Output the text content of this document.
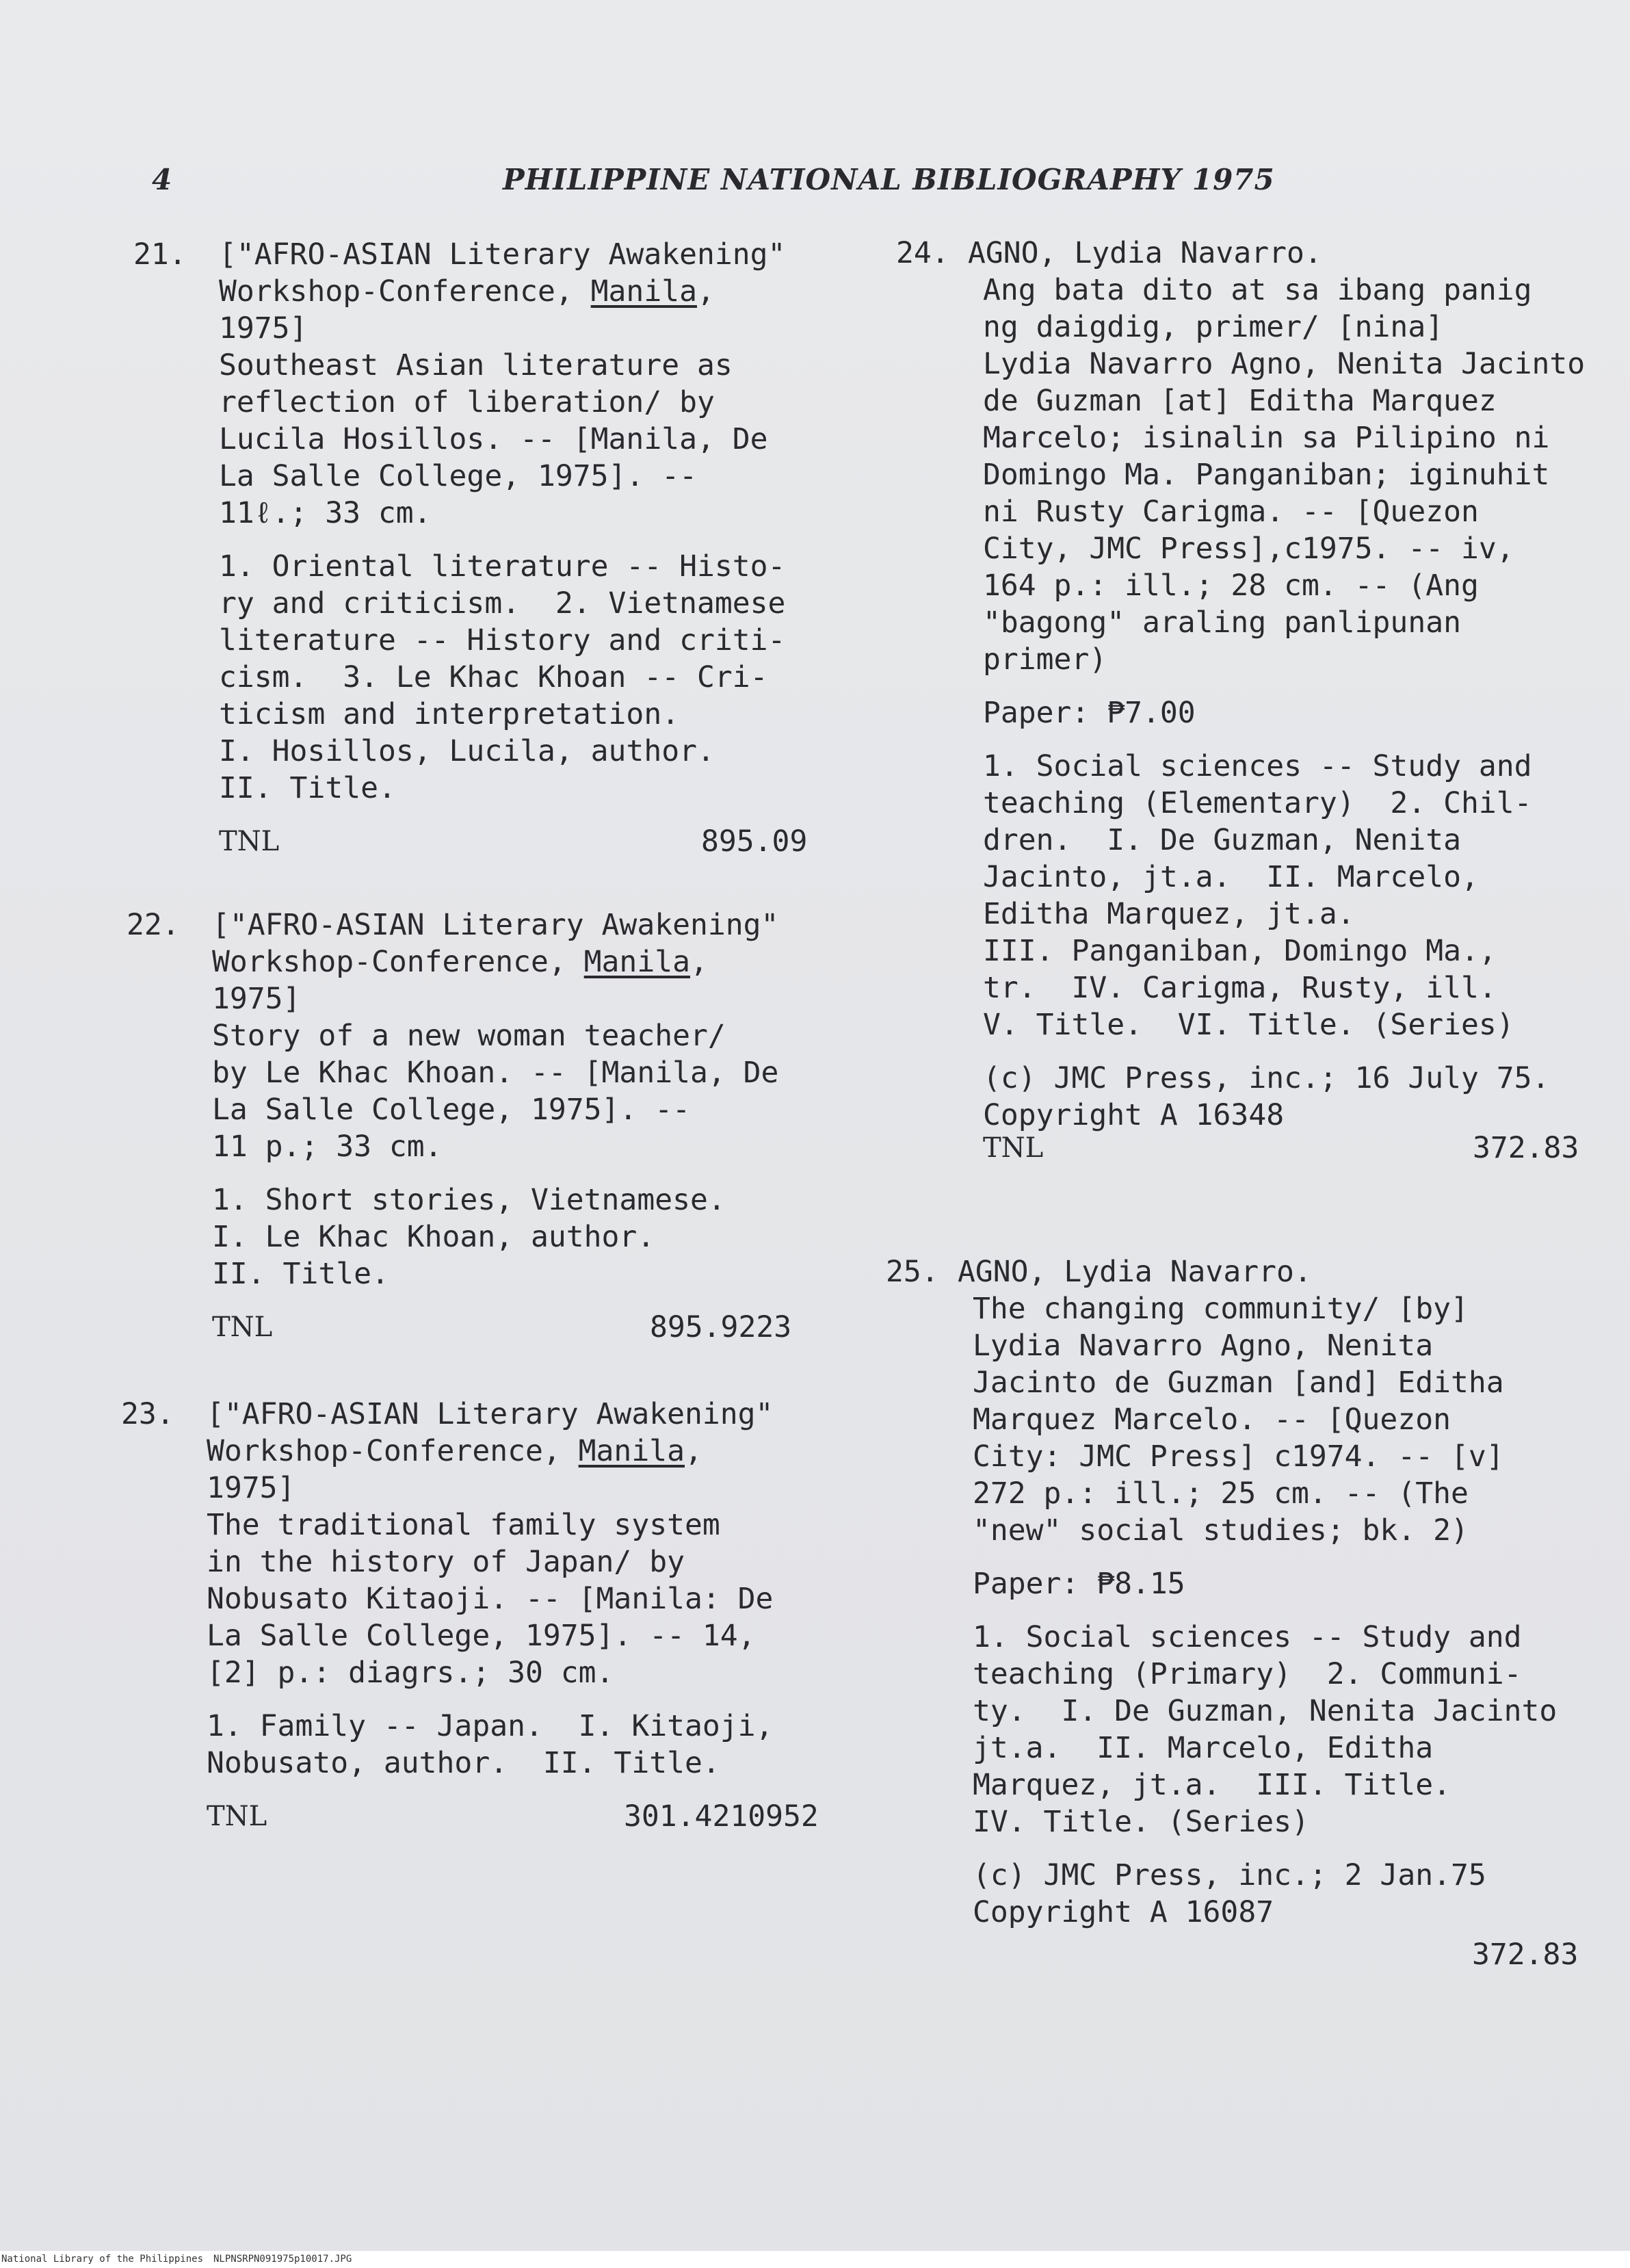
4	PHILIPPINE NATIONAL BIBLIOGRAPHY 1975
21. ["AFRO-ASIAN Literary Awakening"
Workshop-Conference, Manila,
1975]
Southeast Asian literature as
reflection of liberation/ by
Lucila Hosillos. -- [Manila, De
La Salle College, 1975]. --
11ℓ.; 33 cm.
1. Oriental literature -- Histo-
ry and criticism.  2. Vietnamese
literature -- History and criti-
cism.  3. Le Khac Khoan -- Cri-
ticism and interpretation.
I. Hosillos, Lucila, author.
II. Title.
TNL	895.09
22. ["AFRO-ASIAN Literary Awakening"
Workshop-Conference, Manila,
1975]
Story of a new woman teacher/
by Le Khac Khoan. -- [Manila, De
La Salle College, 1975]. --
11 p.; 33 cm.
1. Short stories, Vietnamese.
I. Le Khac Khoan, author.
II. Title.
TNL	895.9223
23. ["AFRO-ASIAN Literary Awakening"
Workshop-Conference, Manila,
1975]
The traditional family system
in the history of Japan/ by
Nobusato Kitaoji. -- [Manila: De
La Salle College, 1975]. -- 14,
[2] p.: diagrs.; 30 cm.
1. Family -- Japan.  I. Kitaoji,
Nobusato, author.  II. Title.
TNL	301.4210952
24. AGNO, Lydia Navarro.
Ang bata dito at sa ibang panig
ng daigdig, primer/ [nina]
Lydia Navarro Agno, Nenita Jacinto
de Guzman [at] Editha Marquez
Marcelo; isinalin sa Pilipino ni
Domingo Ma. Panganiban; iginuhit
ni Rusty Carigma. -- [Quezon
City, JMC Press],c1975. -- iv,
164 p.: ill.; 28 cm. -- (Ang
"bagong" araling panlipunan
primer)
Paper: ₱7.00
1. Social sciences -- Study and
teaching (Elementary)  2. Chil-
dren.  I. De Guzman, Nenita
Jacinto, jt.a.  II. Marcelo,
Editha Marquez, jt.a.
III. Panganiban, Domingo Ma.,
tr.  IV. Carigma, Rusty, ill.
V. Title.  VI. Title. (Series)
(c) JMC Press, inc.; 16 July 75.
Copyright A 16348
TNL	372.83
25. AGNO, Lydia Navarro.
The changing community/ [by]
Lydia Navarro Agno, Nenita
Jacinto de Guzman [and] Editha
Marquez Marcelo. -- [Quezon
City: JMC Press] c1974. -- [v]
272 p.: ill.; 25 cm. -- (The
"new" social studies; bk. 2)
Paper: ₱8.15
1. Social sciences -- Study and
teaching (Primary)  2. Communi-
ty.  I. De Guzman, Nenita Jacinto
jt.a.  II. Marcelo, Editha
Marquez, jt.a.  III. Title.
IV. Title. (Series)
(c) JMC Press, inc.; 2 Jan.75
Copyright A 16087
372.83
National Library of the Philippines NLPNSRPN091975p10017.JPG
